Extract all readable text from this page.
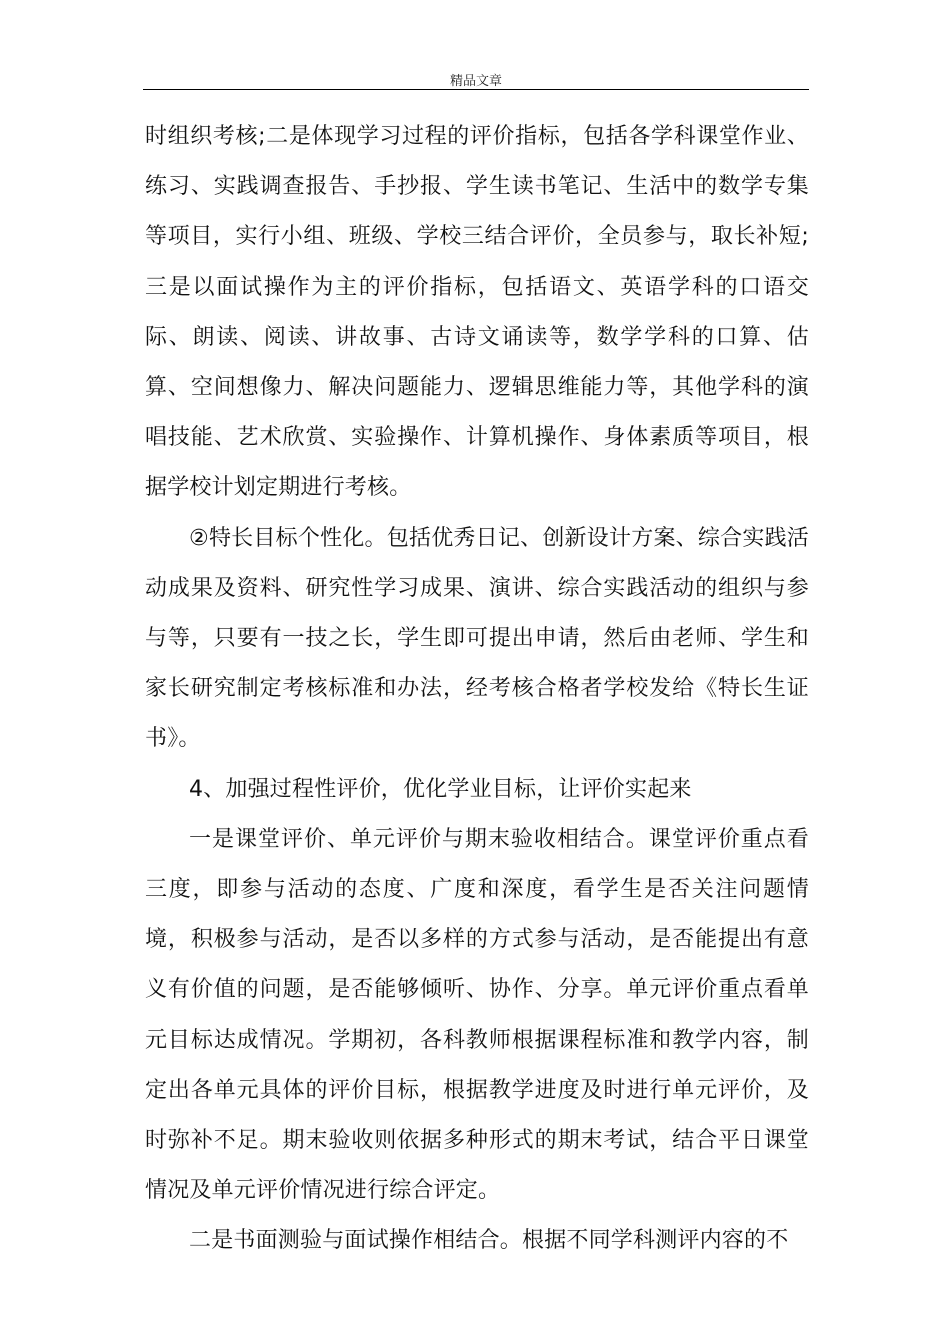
精品文章

时组织考核;二是体现学习过程的评价指标，包括各学科课堂作业、练习、实践调查报告、手抄报、学生读书笔记、生活中的数学专集等项目，实行小组、班级、学校三结合评价，全员参与，取长补短;三是以面试操作为主的评价指标，包括语文、英语学科的口语交际、朗读、阅读、讲故事、古诗文诵读等，数学学科的口算、估算、空间想像力、解决问题能力、逻辑思维能力等，其他学科的演唱技能、艺术欣赏、实验操作、计算机操作、身体素质等项目，根据学校计划定期进行考核。

②特长目标个性化。包括优秀日记、创新设计方案、综合实践活动成果及资料、研究性学习成果、演讲、综合实践活动的组织与参与等，只要有一技之长，学生即可提出申请，然后由老师、学生和家长研究制定考核标准和办法，经考核合格者学校发给《特长生证书》。

4、加强过程性评价，优化学业目标，让评价实起来

一是课堂评价、单元评价与期末验收相结合。课堂评价重点看三度，即参与活动的态度、广度和深度，看学生是否关注问题情境，积极参与活动，是否以多样的方式参与活动，是否能提出有意义有价值的问题，是否能够倾听、协作、分享。单元评价重点看单元目标达成情况。学期初，各科教师根据课程标准和教学内容，制定出各单元具体的评价目标，根据教学进度及时进行单元评价，及时弥补不足。期末验收则依据多种形式的期末考试，结合平日课堂情况及单元评价情况进行综合评定。

二是书面测验与面试操作相结合。根据不同学科测评内容的不
